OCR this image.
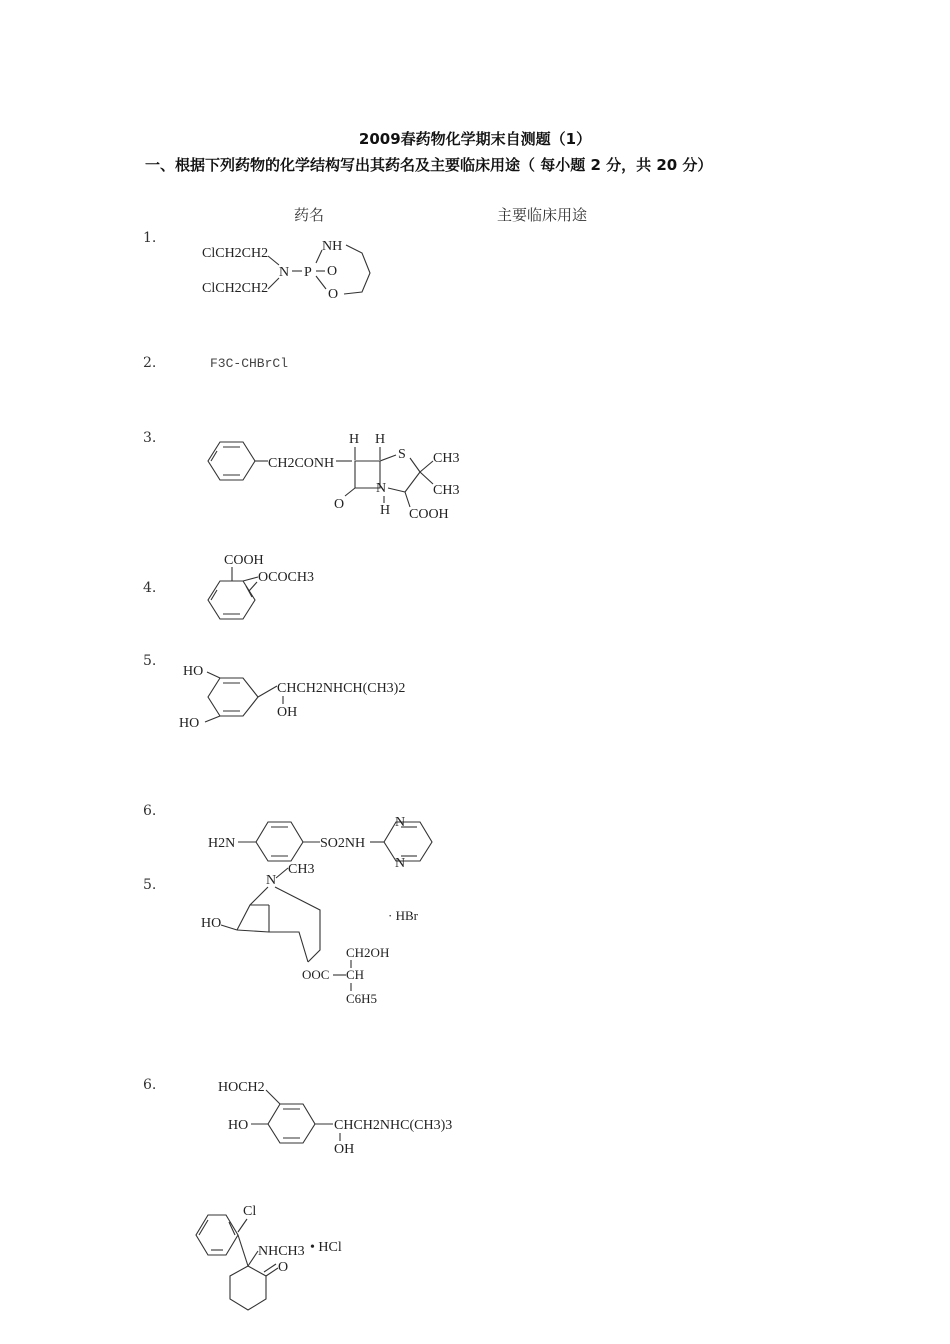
2009春药物化学期末自测题（1）
一、根据下列药物的化学结构写出其药名及主要临床用途（ 每小题 2 分，共 20 分）
药名	主要临床用途
1.
2.
3.
4.
5.
6.
5.
6.
ClCH2CH2
ClCH2CH2
N P
NH
O
O
F3C-CHBrCl
CH2CONH
H H
O
N
S CH3
CH3
H COOH
COOH
OCOCH3
HO
HO
CHCH2NHCH(CH3)2
OH
H2N	SO2NH
N
N
N
CH3
HO
· HBr
CH2OH
OOC CH
C6H5
HOCH2
HO	CHCH2NHC(CH3)3
OH
Cl
NHCH3 • HCl
O
